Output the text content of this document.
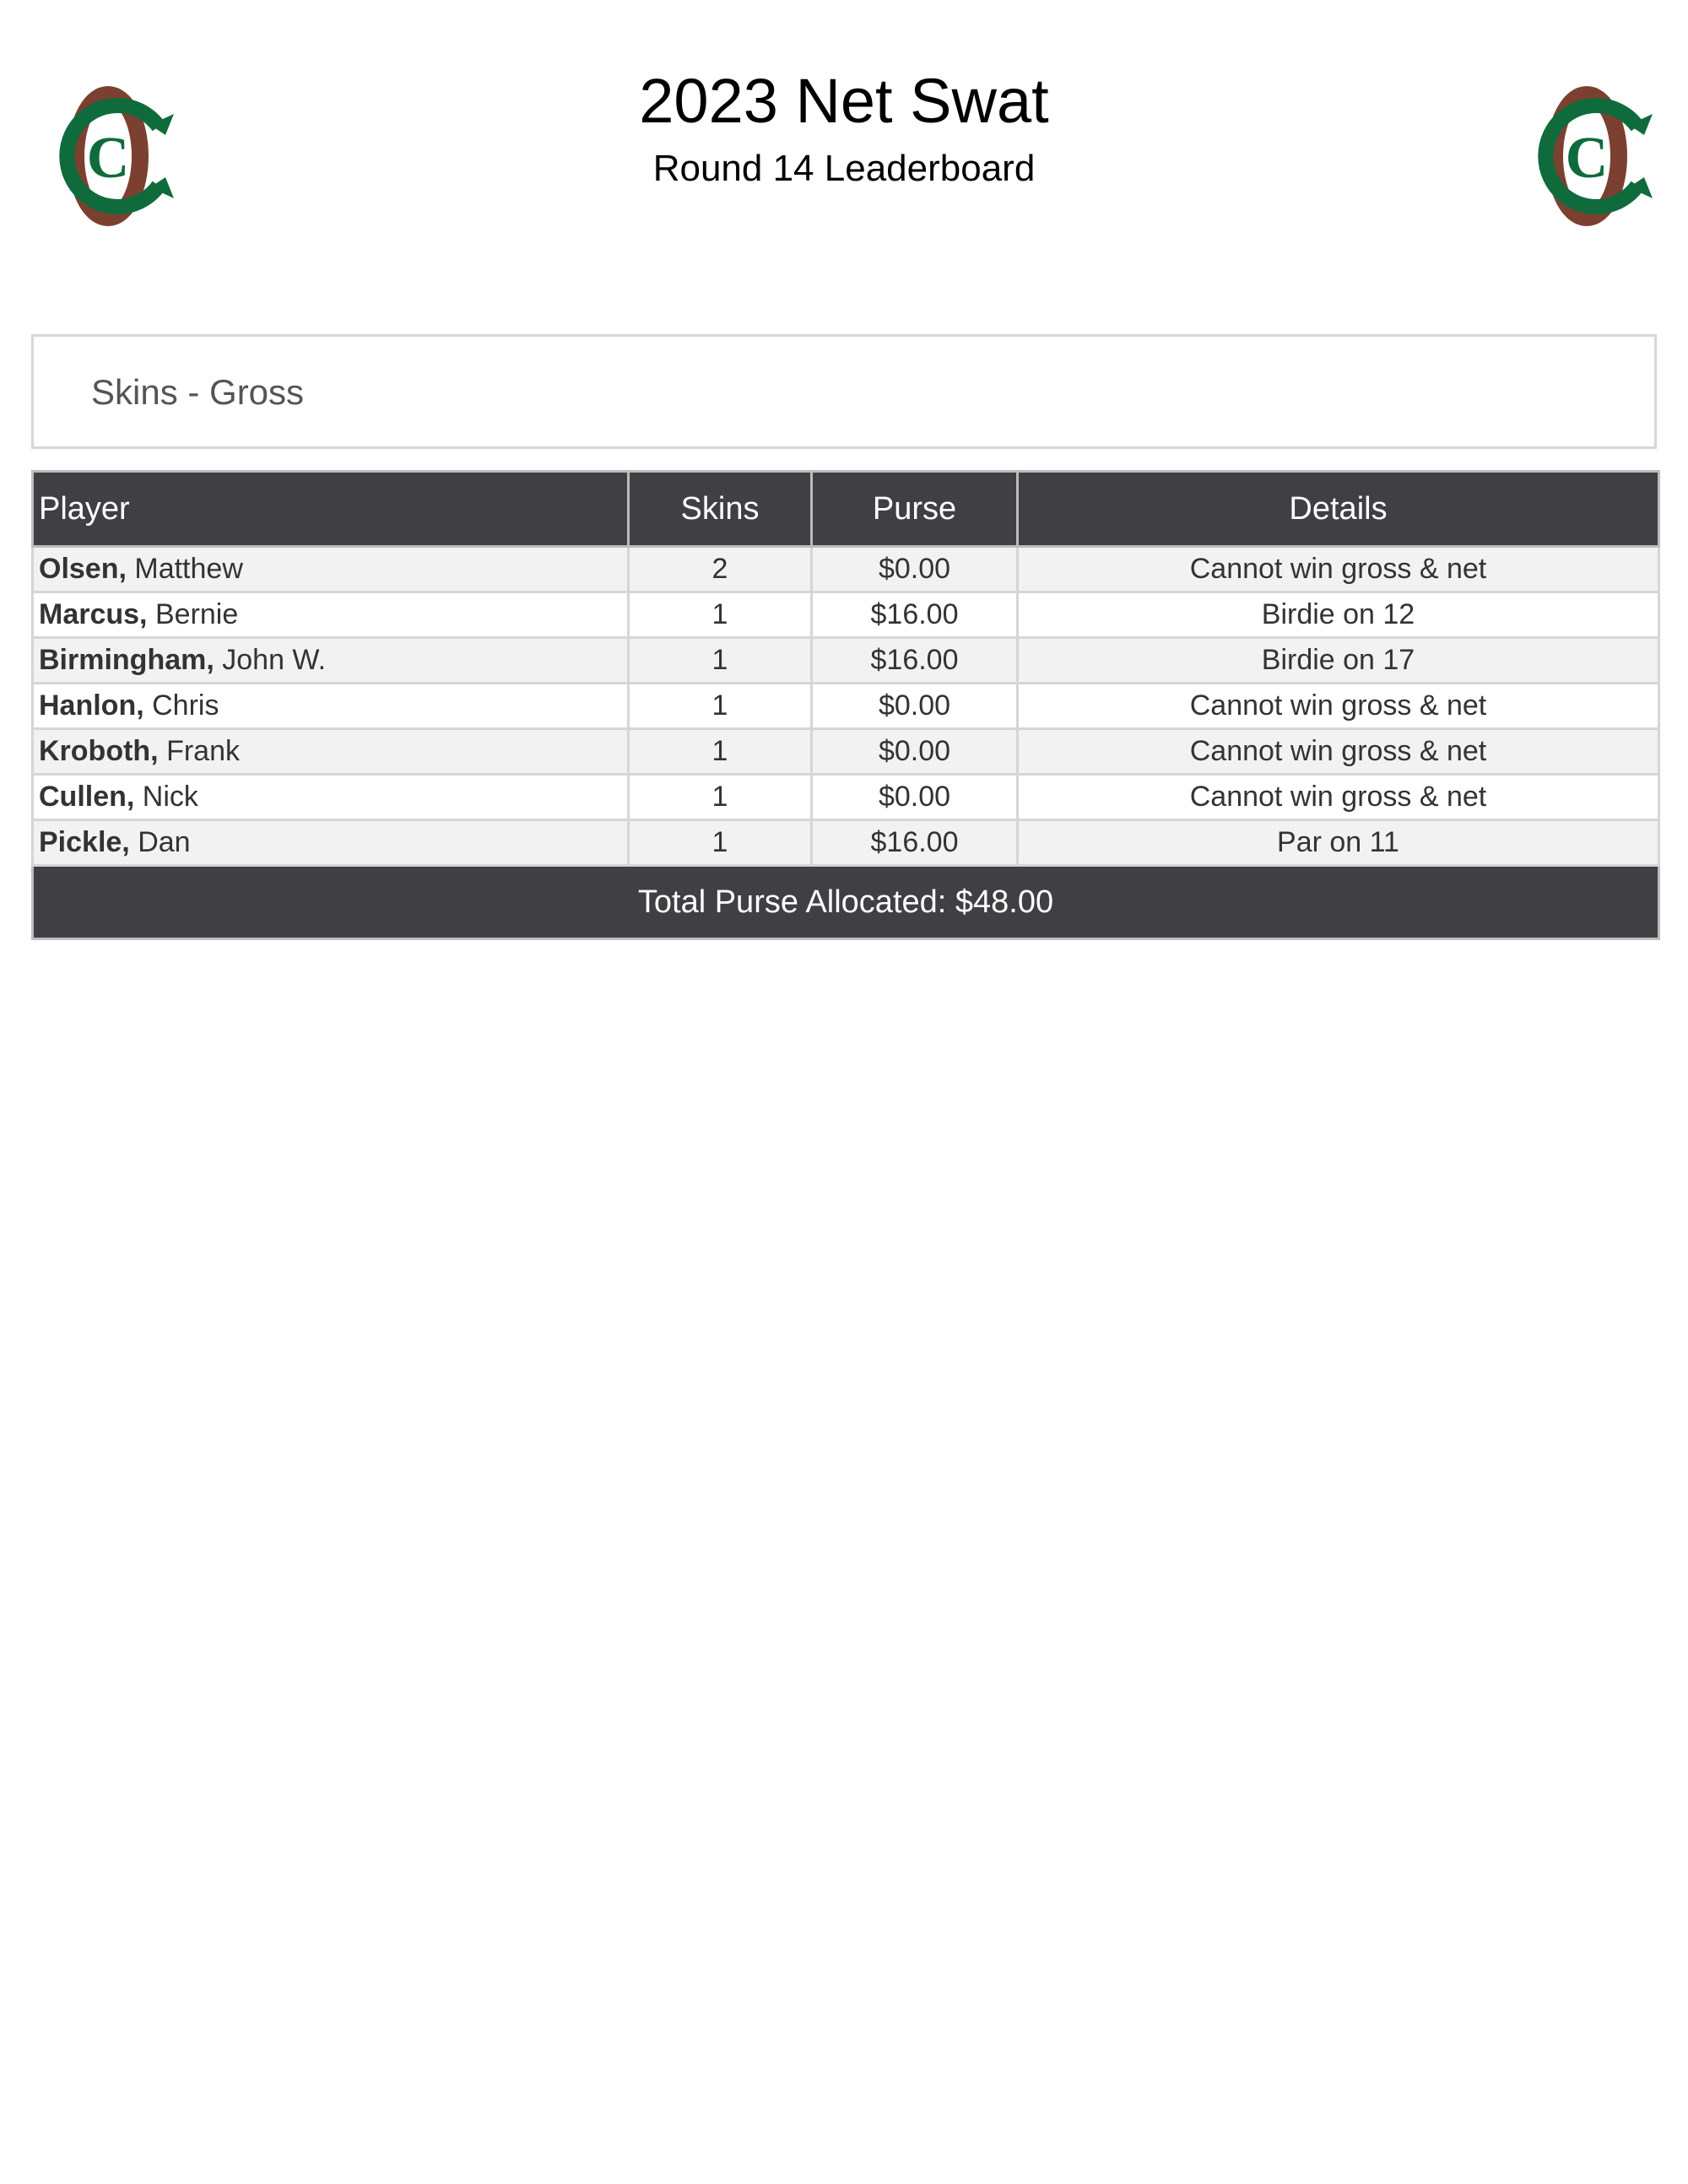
C	C
2023 Net Swat
Round 14 Leaderboard
Skins - Gross
Player	Skins	Purse	Details
Olsen, Matthew	2	$0.00	Cannot win gross & net
Marcus, Bernie	1	$16.00	Birdie on 12
Birmingham, John W.	1	$16.00	Birdie on 17
Hanlon, Chris	1	$0.00	Cannot win gross & net
Kroboth, Frank	1	$0.00	Cannot win gross & net
Cullen, Nick	1	$0.00	Cannot win gross & net
Pickle, Dan	1	$16.00	Par on 11
Total Purse Allocated: $48.00			
